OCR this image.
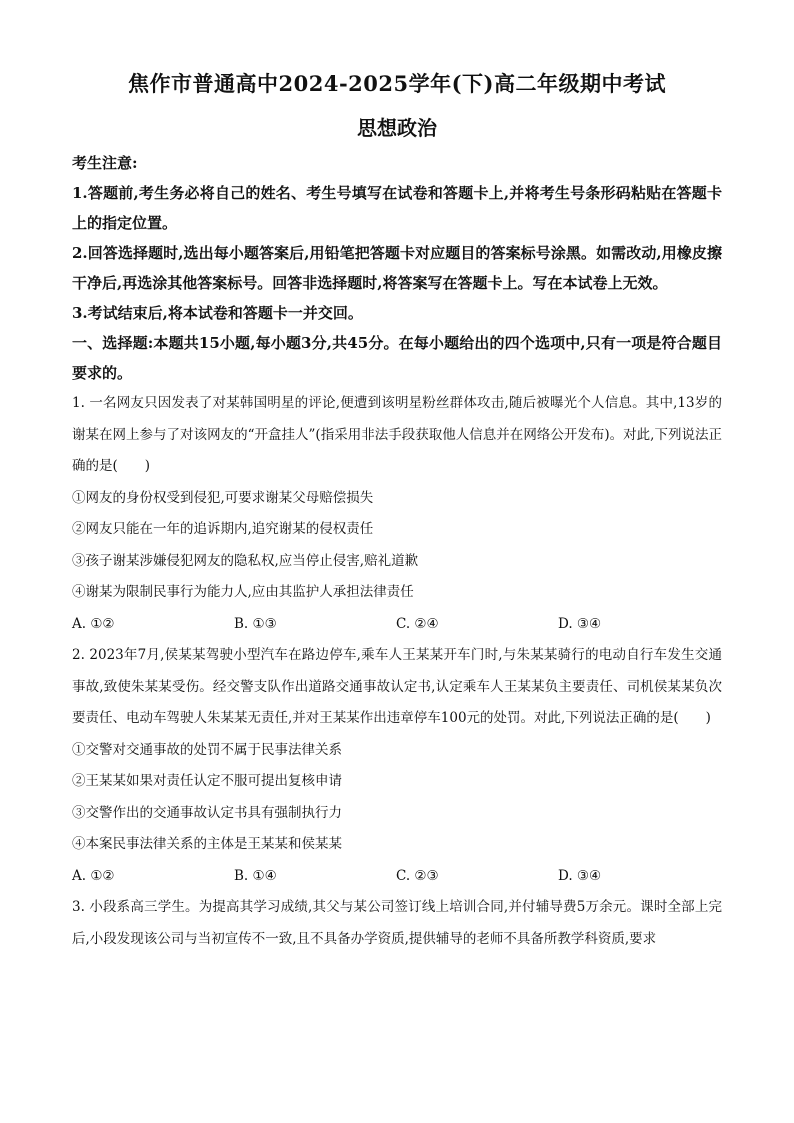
焦作市普通高中2024-2025学年(下)高二年级期中考试
思想政治
考生注意:

1.答题前,考生务必将自己的姓名、考生号填写在试卷和答题卡上,并将考生号条形码粘贴在答题卡上的指定位置。

2.回答选择题时,选出每小题答案后,用铅笔把答题卡对应题目的答案标号涂黑。如需改动,用橡皮擦干净后,再选涂其他答案标号。回答非选择题时,将答案写在答题卡上。写在本试卷上无效。

3.考试结束后,将本试卷和答题卡一并交回。

一、选择题:本题共15小题,每小题3分,共45分。在每小题给出的四个选项中,只有一项是符合题目要求的。

1. 一名网友只因发表了对某韩国明星的评论,便遭到该明星粉丝群体攻击,随后被曝光个人信息。其中,13岁的谢某在网上参与了对该网友的“开盒挂人”(指采用非法手段获取他人信息并在网络公开发布)。对此,下列说法正确的是(　　)

①网友的身份权受到侵犯,可要求谢某父母赔偿损失

②网友只能在一年的追诉期内,追究谢某的侵权责任

③孩子谢某涉嫌侵犯网友的隐私权,应当停止侵害,赔礼道歉

④谢某为限制民事行为能力人,应由其监护人承担法律责任

A. ①②	B. ①③	C. ②④	D. ③④

2. 2023年7月,侯某某驾驶小型汽车在路边停车,乘车人王某某开车门时,与朱某某骑行的电动自行车发生交通事故,致使朱某某受伤。经交警支队作出道路交通事故认定书,认定乘车人王某某负主要责任、司机侯某某负次要责任、电动车驾驶人朱某某无责任,并对王某某作出违章停车100元的处罚。对此,下列说法正确的是(　　)

①交警对交通事故的处罚不属于民事法律关系

②王某某如果对责任认定不服可提出复核申请

③交警作出的交通事故认定书具有强制执行力

④本案民事法律关系的主体是王某某和侯某某

A. ①②	B. ①④	C. ②③	D. ③④

3. 小段系高三学生。为提高其学习成绩,其父与某公司签订线上培训合同,并付辅导费5万余元。课时全部上完后,小段发现该公司与当初宣传不一致,且不具备办学资质,提供辅导的老师不具备所教学科资质,要求
